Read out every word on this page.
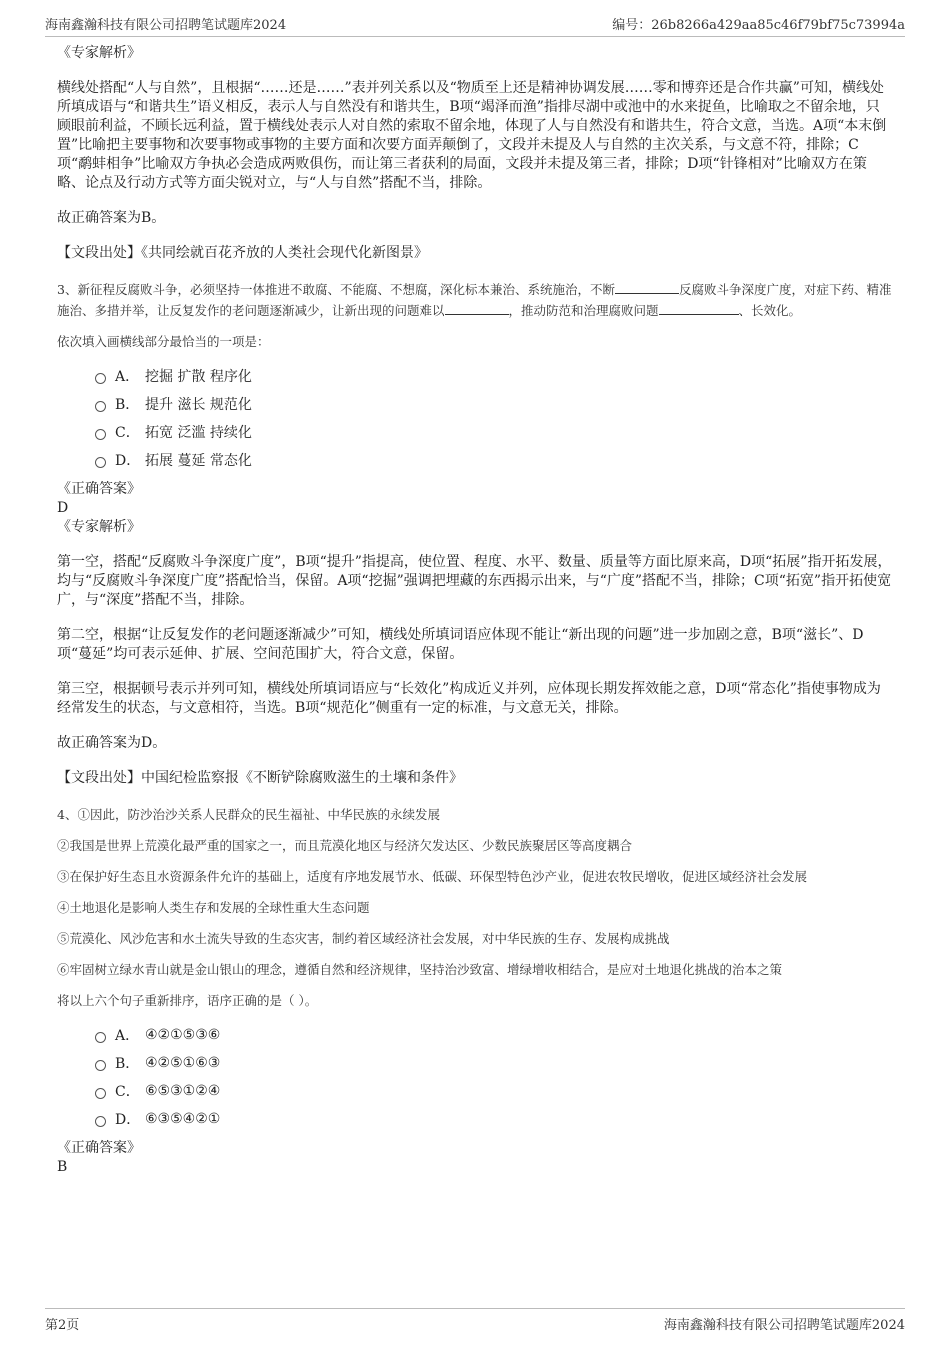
海南鑫瀚科技有限公司招聘笔试题库2024	编号：26b8266a429aa85c46f79bf75c73994a

《专家解析》

横线处搭配“人与自然”，且根据“……还是……”表并列关系以及“物质至上还是精神协调发展……零和博弈还是合作共赢”可知，横线处所填成语与“和谐共生”语义相反，表示人与自然没有和谐共生，B项“竭泽而渔”指排尽湖中或池中的水来捉鱼，比喻取之不留余地，只顾眼前利益，不顾长远利益，置于横线处表示人对自然的索取不留余地，体现了人与自然没有和谐共生，符合文意，当选。A项“本末倒置”比喻把主要事物和次要事物或事物的主要方面和次要方面弄颠倒了，文段并未提及人与自然的主次关系，与文意不符，排除；C项“鹬蚌相争”比喻双方争执必会造成两败俱伤，而让第三者获利的局面，文段并未提及第三者，排除；D项“针锋相对”比喻双方在策略、论点及行动方式等方面尖锐对立，与“人与自然”搭配不当，排除。

故正确答案为B。

【文段出处】《共同绘就百花齐放的人类社会现代化新图景》

3、新征程反腐败斗争，必须坚持一体推进不敢腐、不能腐、不想腐，深化标本兼治、系统施治，不断	反腐败斗争深度广度，对症下药、精准施治、多措并举，让反复发作的老问题逐渐减少，让新出现的问题难以	，推动防范和治理腐败问题	、长效化。

依次填入画横线部分最恰当的一项是：

A． 挖掘 扩散 程序化
B． 提升 滋长 规范化
C． 拓宽 泛滥 持续化
D． 拓展 蔓延 常态化

《正确答案》

D

《专家解析》

第一空，搭配“反腐败斗争深度广度”，B项“提升”指提高，使位置、程度、水平、数量、质量等方面比原来高，D项“拓展”指开拓发展，均与“反腐败斗争深度广度”搭配恰当，保留。A项“挖掘”强调把埋藏的东西揭示出来，与“广度”搭配不当，排除；C项“拓宽”指开拓使宽广，与“深度”搭配不当，排除。

第二空，根据“让反复发作的老问题逐渐减少”可知，横线处所填词语应体现不能让“新出现的问题”进一步加剧之意，B项“滋长”、D项“蔓延”均可表示延伸、扩展、空间范围扩大，符合文意，保留。

第三空，根据顿号表示并列可知，横线处所填词语应与“长效化”构成近义并列，应体现长期发挥效能之意，D项“常态化”指使事物成为经常发生的状态，与文意相符，当选。B项“规范化”侧重有一定的标准，与文意无关，排除。

故正确答案为D。

【文段出处】中国纪检监察报《不断铲除腐败滋生的土壤和条件》

4、①因此，防沙治沙关系人民群众的民生福祉、中华民族的永续发展

②我国是世界上荒漠化最严重的国家之一，而且荒漠化地区与经济欠发达区、少数民族聚居区等高度耦合

③在保护好生态且水资源条件允许的基础上，适度有序地发展节水、低碳、环保型特色沙产业，促进农牧民增收，促进区域经济社会发展

④土地退化是影响人类生存和发展的全球性重大生态问题

⑤荒漠化、风沙危害和水土流失导致的生态灾害，制约着区域经济社会发展，对中华民族的生存、发展构成挑战

⑥牢固树立绿水青山就是金山银山的理念，遵循自然和经济规律，坚持治沙致富、增绿增收相结合，是应对土地退化挑战的治本之策

将以上六个句子重新排序，语序正确的是（ ）。

A． ④②①⑤③⑥
B． ④②⑤①⑥③
C． ⑥⑤③①②④
D． ⑥③⑤④②①

《正确答案》

B

第2页	海南鑫瀚科技有限公司招聘笔试题库2024
